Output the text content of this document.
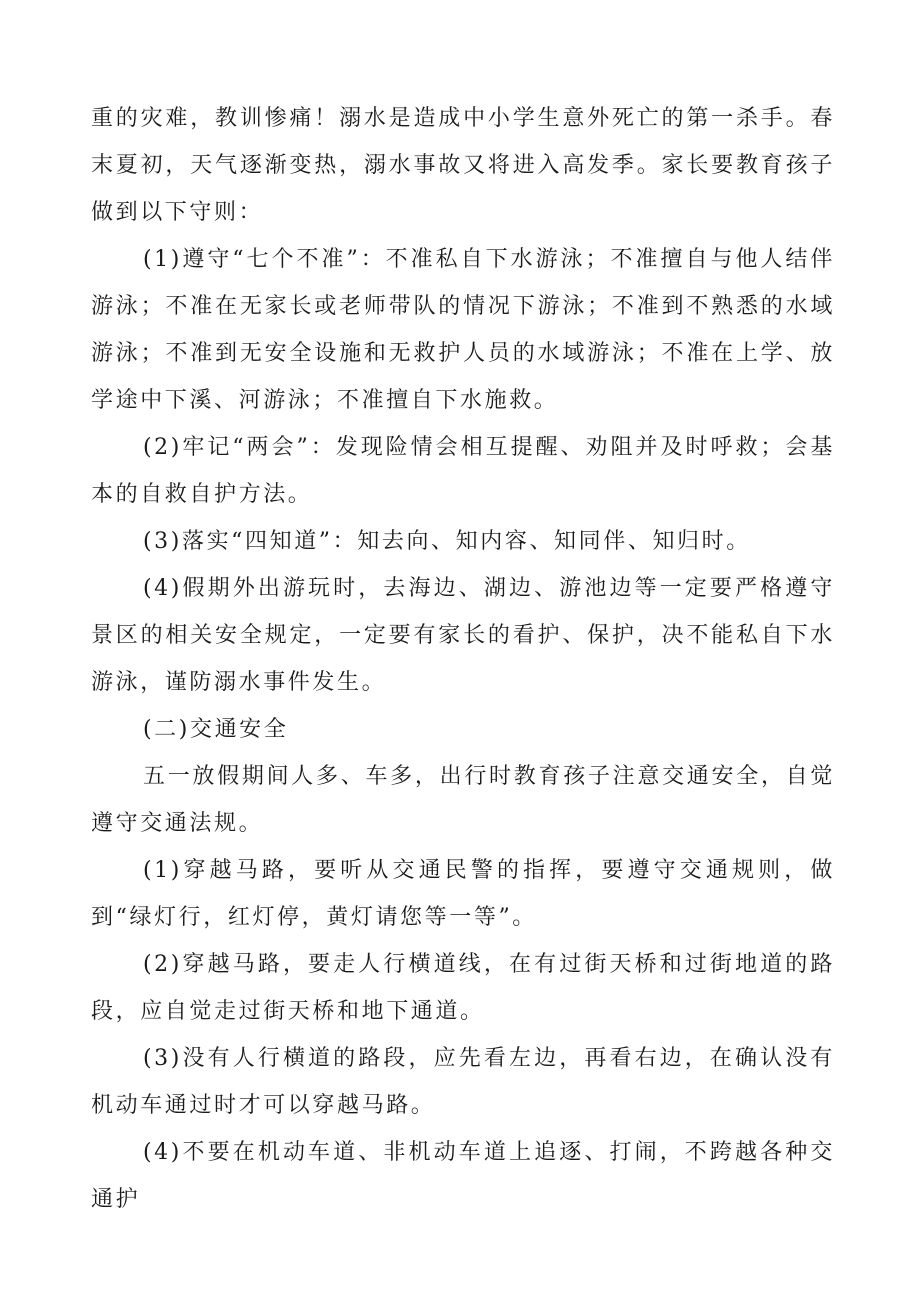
重的灾难，教训惨痛！溺水是造成中小学生意外死亡的第一杀手。春末夏初，天气逐渐变热，溺水事故又将进入高发季。家长要教育孩子做到以下守则：

(1)遵守“七个不准”：不准私自下水游泳；不准擅自与他人结伴游泳；不准在无家长或老师带队的情况下游泳；不准到不熟悉的水域游泳；不准到无安全设施和无救护人员的水域游泳；不准在上学、放学途中下溪、河游泳；不准擅自下水施救。

(2)牢记“两会”：发现险情会相互提醒、劝阻并及时呼救；会基本的自救自护方法。

(3)落实“四知道”：知去向、知内容、知同伴、知归时。

(4)假期外出游玩时，去海边、湖边、游池边等一定要严格遵守景区的相关安全规定，一定要有家长的看护、保护，决不能私自下水游泳，谨防溺水事件发生。

(二)交通安全

五一放假期间人多、车多，出行时教育孩子注意交通安全，自觉遵守交通法规。

(1)穿越马路，要听从交通民警的指挥，要遵守交通规则，做到“绿灯行，红灯停，黄灯请您等一等”。

(2)穿越马路，要走人行横道线，在有过街天桥和过街地道的路段，应自觉走过街天桥和地下通道。

(3)没有人行横道的路段，应先看左边，再看右边，在确认没有机动车通过时才可以穿越马路。

(4)不要在机动车道、非机动车道上追逐、打闹，不跨越各种交通护
